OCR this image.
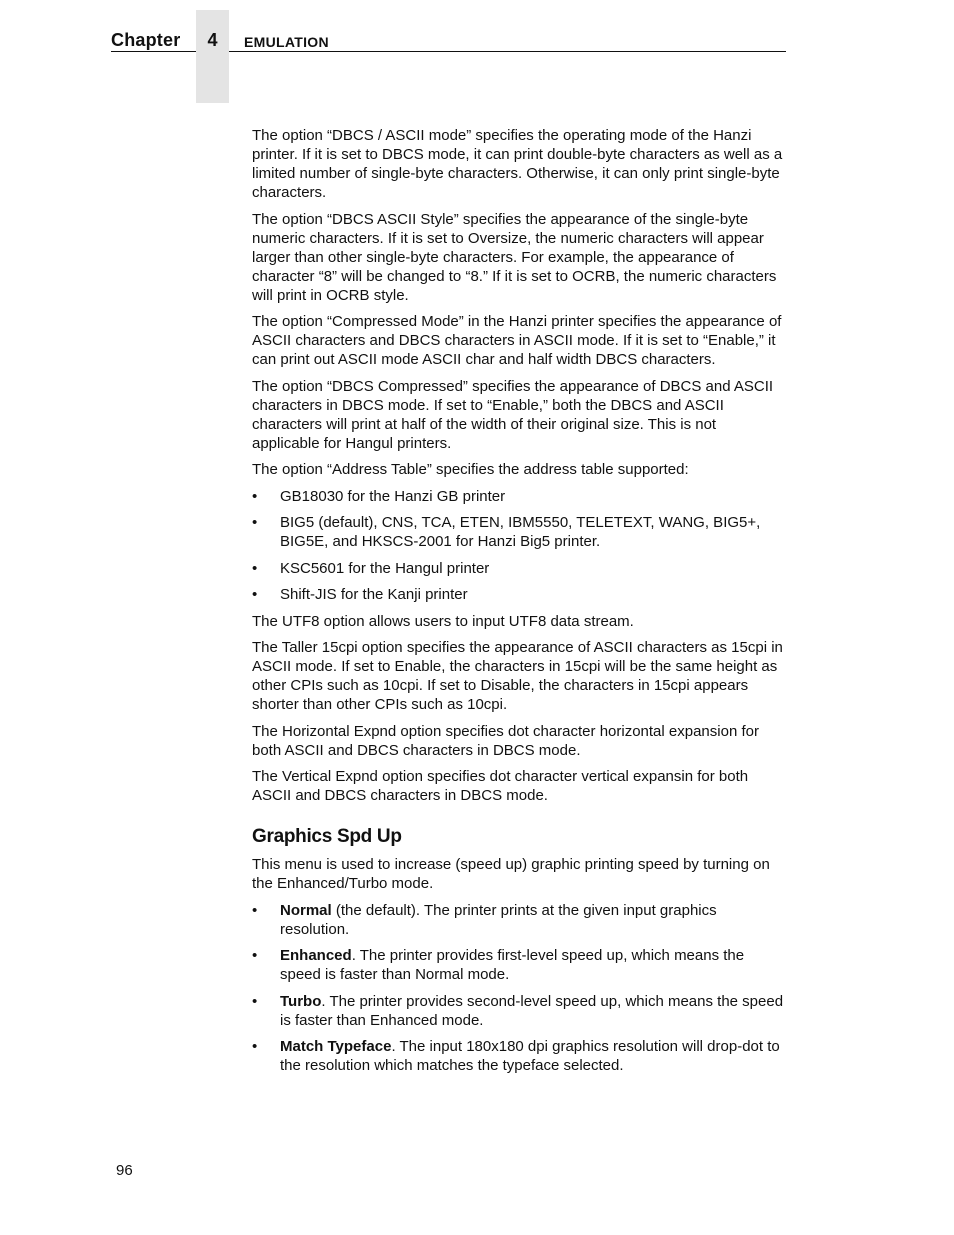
Chapter	4	EMULATION

The option “DBCS / ASCII mode” specifies the operating mode of the Hanzi printer. If it is set to DBCS mode, it can print double-byte characters as well as a limited number of single-byte characters. Otherwise, it can only print single-byte characters.

The option “DBCS ASCII Style” specifies the appearance of the single-byte numeric characters. If it is set to Oversize, the numeric characters will appear larger than other single-byte characters. For example, the appearance of character “8” will be changed to “8.” If it is set to OCRB, the numeric characters will print in OCRB style.

The option “Compressed Mode” in the Hanzi printer specifies the appearance of ASCII characters and DBCS characters in ASCII mode. If it is set to “Enable,” it can print out ASCII mode ASCII char and half width DBCS characters.

The option “DBCS Compressed” specifies the appearance of DBCS and ASCII characters in DBCS mode. If set to “Enable,” both the DBCS and ASCII characters will print at half of the width of their original size. This is not applicable for Hangul printers.

The option “Address Table” specifies the address table supported:

• GB18030 for the Hanzi GB printer
• BIG5 (default), CNS, TCA, ETEN, IBM5550, TELETEXT, WANG, BIG5+, BIG5E, and HKSCS-2001 for Hanzi Big5 printer.
• KSC5601 for the Hangul printer
• Shift-JIS for the Kanji printer

The UTF8 option allows users to input UTF8 data stream.

The Taller 15cpi option specifies the appearance of ASCII characters as 15cpi in ASCII mode. If set to Enable, the characters in 15cpi will be the same height as other CPIs such as 10cpi. If set to Disable, the characters in 15cpi appears shorter than other CPIs such as 10cpi.

The Horizontal Expnd option specifies dot character horizontal expansion for both ASCII and DBCS characters in DBCS mode.

The Vertical Expnd option specifies dot character vertical expansin for both ASCII and DBCS characters in DBCS mode.

Graphics Spd Up

This menu is used to increase (speed up) graphic printing speed by turning on the Enhanced/Turbo mode.

• Normal (the default). The printer prints at the given input graphics resolution.
• Enhanced. The printer provides first-level speed up, which means the speed is faster than Normal mode.
• Turbo. The printer provides second-level speed up, which means the speed is faster than Enhanced mode.
• Match Typeface. The input 180x180 dpi graphics resolution will drop-dot to the resolution which matches the typeface selected.
96
